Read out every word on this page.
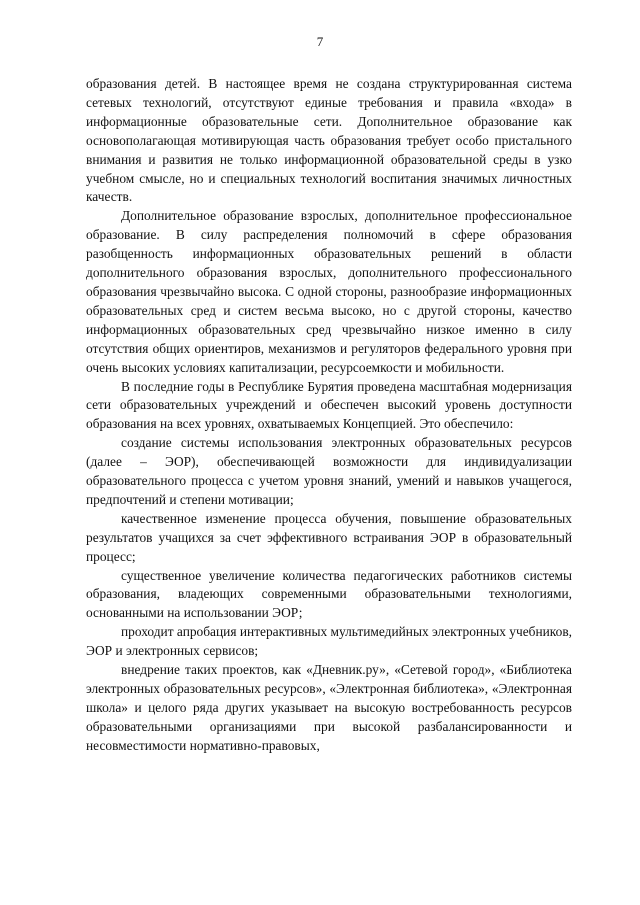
7

образования детей. В настоящее время не создана структурированная система сетевых технологий, отсутствуют единые требования и правила «входа» в информационные образовательные сети. Дополнительное образование как основополагающая мотивирующая часть образования требует особо пристального внимания и развития не только информационной образовательной среды в узко учебном смысле, но и специальных технологий воспитания значимых личностных качеств.

Дополнительное образование взрослых, дополнительное профессиональное образование. В силу распределения полномочий в сфере образования разобщенность информационных образовательных решений в области дополнительного образования взрослых, дополнительного профессионального образования чрезвычайно высока. С одной стороны, разнообразие информационных образовательных сред и систем весьма высоко, но с другой стороны, качество информационных образовательных сред чрезвычайно низкое именно в силу отсутствия общих ориентиров, механизмов и регуляторов федерального уровня при очень высоких условиях капитализации, ресурсоемкости и мобильности.

В последние годы в Республике Бурятия проведена масштабная модернизация сети образовательных учреждений и обеспечен высокий уровень доступности образования на всех уровнях, охватываемых Концепцией. Это обеспечило:

создание системы использования электронных образовательных ресурсов (далее – ЭОР), обеспечивающей возможности для индивидуализации образовательного процесса с учетом уровня знаний, умений и навыков учащегося, предпочтений и степени мотивации;

качественное изменение процесса обучения, повышение образовательных результатов учащихся за счет эффективного встраивания ЭОР в образовательный процесс;

существенное увеличение количества педагогических работников системы образования, владеющих современными образовательными технологиями, основанными на использовании ЭОР;

проходит апробация интерактивных мультимедийных электронных учебников, ЭОР и электронных сервисов;

внедрение таких проектов, как «Дневник.ру», «Сетевой город», «Библиотека электронных образовательных ресурсов», «Электронная библиотека», «Электронная школа» и целого ряда других указывает на высокую востребованность ресурсов образовательными организациями при высокой разбалансированности и несовместимости нормативно-правовых,
